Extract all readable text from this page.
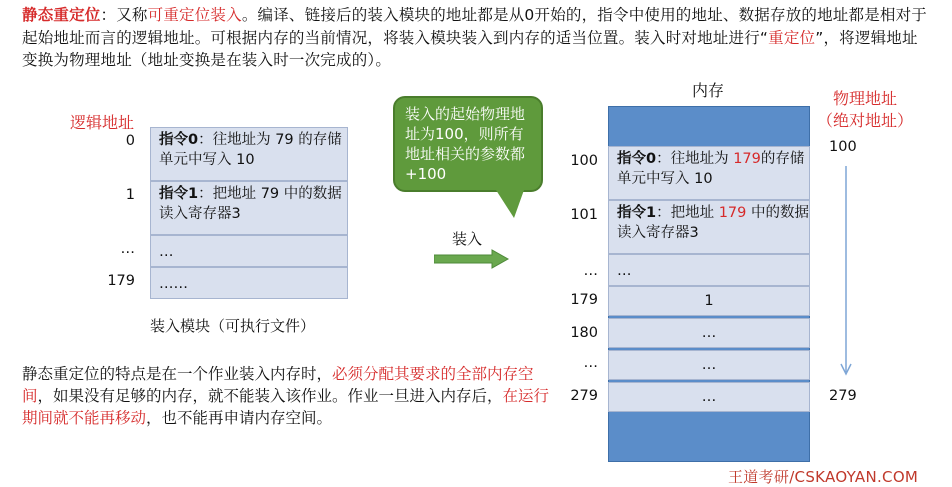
静态重定位：又称可重定位装入。编译、链接后的装入模块的地址都是从0开始的，指令中使用的地址、数据存放的地址都是相对于起始地址而言的逻辑地址。可根据内存的当前情况，将装入模块装入到内存的适当位置。装入时对地址进行“重定位”，将逻辑地址变换为物理地址（地址变换是在装入时一次完成的）。
逻辑地址
0
1
…
179
指令0：往地址为 79 的存储单元中写入 10
指令1：把地址 79 中的数据读入寄存器3
…
……
装入模块（可执行文件）
装入的起始物理地址为100，则所有地址相关的参数都 +100
装入
内存
100
101
…
179
180
…
279
指令0：往地址为 179的存储单元中写入 10
指令1：把地址 179 中的数据读入寄存器3
…
1
…
…
…
物理地址
（绝对地址）
100
279
静态重定位的特点是在一个作业装入内存时，必须分配其要求的全部内存空间，如果没有足够的内存，就不能装入该作业。作业一旦进入内存后，在运行期间就不能再移动，也不能再申请内存空间。
王道考研/CSKAOYAN.COM
